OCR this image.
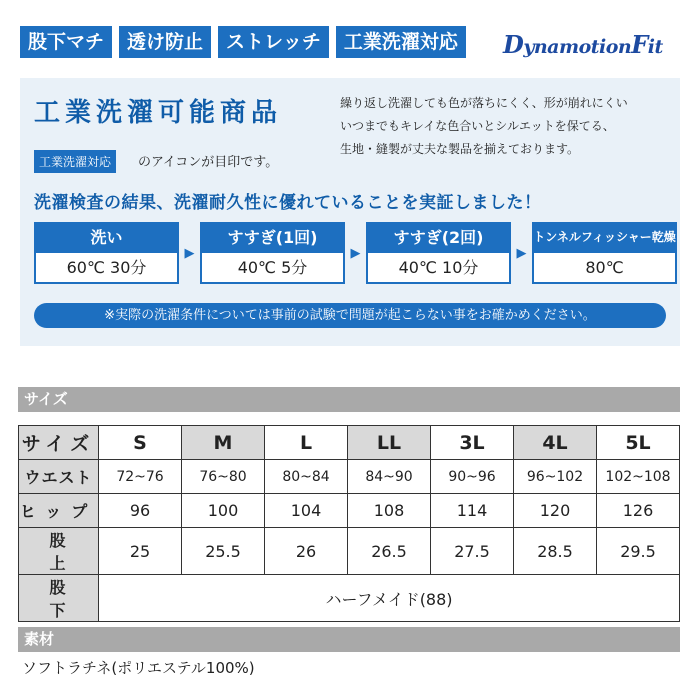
股下マチ	透け防止	ストレッチ	工業洗濯対応	DynamotionFit
工業洗濯可能商品
工業洗濯対応	のアイコンが目印です。
繰り返し洗濯しても色が落ちにくく、形が崩れにくい
いつまでもキレイな色合いとシルエットを保てる、
生地・縫製が丈夫な製品を揃えております。
洗濯検査の結果、洗濯耐久性に優れていることを実証しました！
洗い
60℃ 30分
▶
すすぎ(1回)
40℃ 5分
▶
すすぎ(2回)
40℃ 10分
▶
トンネルフィッシャー乾燥
80℃
※実際の洗濯条件については事前の試験で問題が起こらない事をお確かめください。
サイズ
サイズ	S	M	L	LL	3L	4L	5L
ウエスト	72~76	76~80	80~84	84~90	90~96	96~102	102~108
ヒップ	96	100	104	108	114	120	126
股上	25	25.5	26	26.5	27.5	28.5	29.5
股下	ハーフメイド(88)						
素材
ソフトラチネ(ポリエステル100%)
